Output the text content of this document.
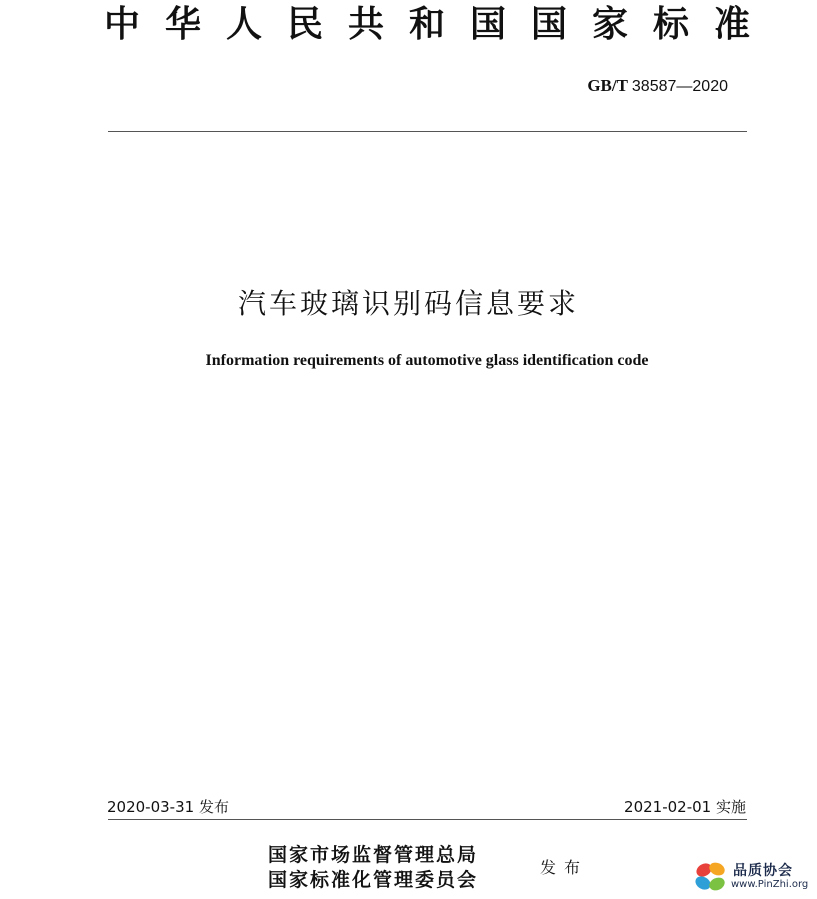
中华人民共和国国家标准
GB/T 38587—2020
汽车玻璃识别码信息要求
Information requirements of automotive glass identification code
2020-03-31 发布	2021-02-01 实施
国家市场监督管理总局
国家标准化管理委员会
发布	品质协会
www.PinZhi.org
